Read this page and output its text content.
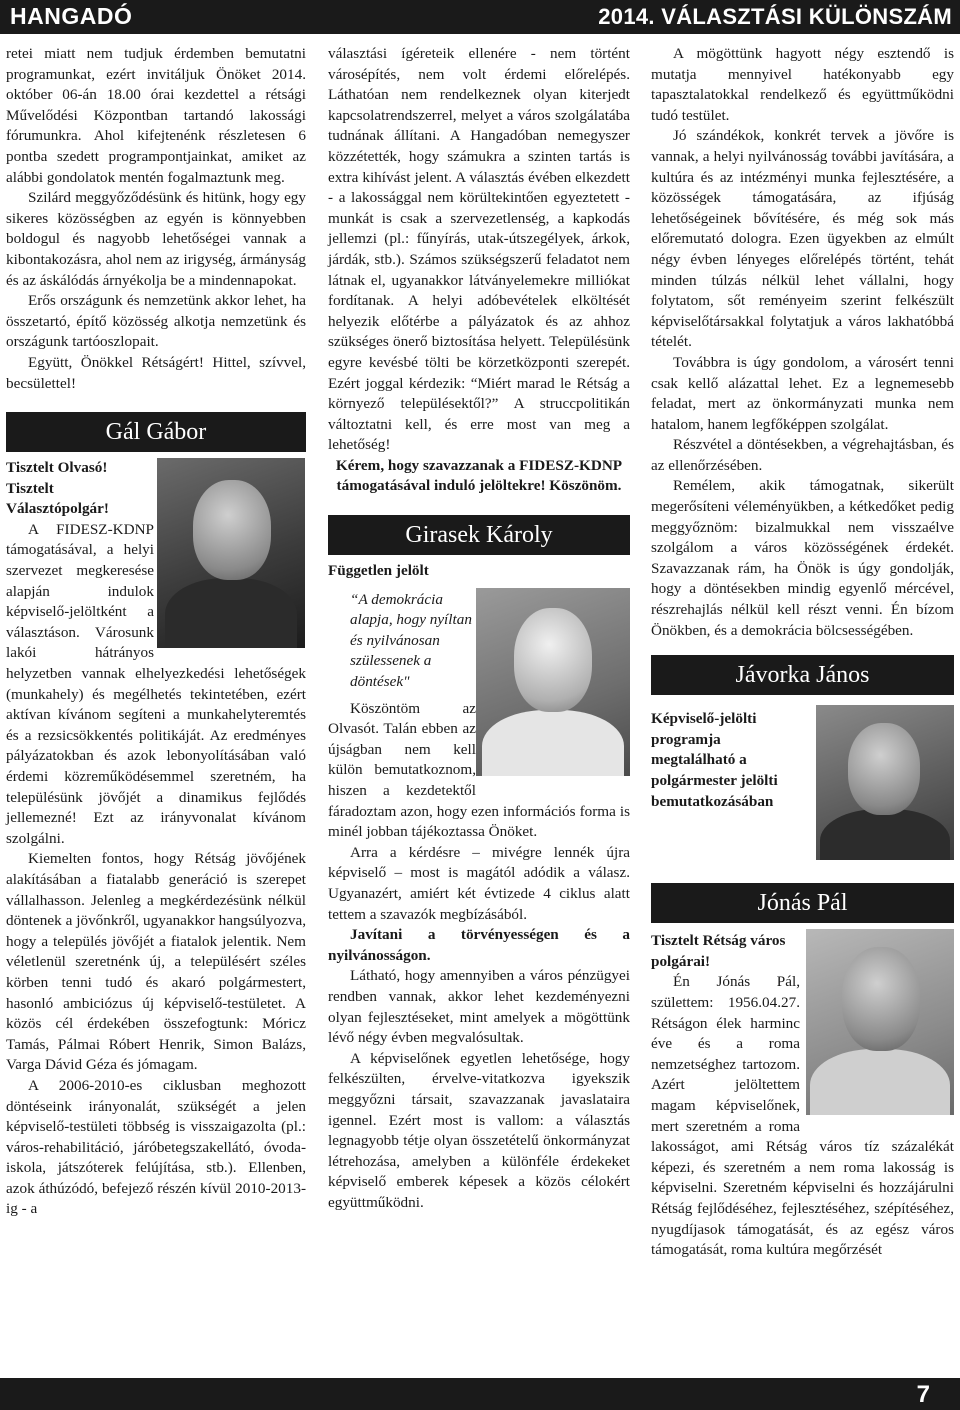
HANGADÓ	2014. VÁLASZTÁSI KÜLÖNSZÁM

retei miatt nem tudjuk érdemben bemutatni programunkat, ezért invitáljuk Önöket 2014. október 06-án 18.00 órai kezdettel a rétsági Művelődési Központban tartandó lakossági fórumunkra. Ahol kifejtenénk részletesen 6 pontba szedett programpontjainkat, amiket az alábbi gondolatok mentén fogalmaztunk meg.

Szilárd meggyőződésünk és hitünk, hogy egy sikeres közösségben az egyén is könnyebben boldogul és nagyobb lehetőségei vannak a kibontakozásra, ahol nem az irigység, ármányság és az áskálódás árnyékolja be a mindennapokat.

Erős országunk és nemzetünk akkor lehet, ha összetartó, építő közösség alkotja nemzetünk és országunk tartóoszlopait.

Együtt, Önökkel Rétságért! Hittel, szívvel, becsülettel!

Gál Gábor

Tisztelt Olvasó!

Tisztelt Választópolgár!

A FIDESZ-KDNP támogatásával, a helyi szervezet megkeresése alapján indulok képviselő-jelöltként a választáson. Városunk lakói hátrányos helyzetben vannak elhelyezkedési lehetőségek (munkahely) és megélhetés tekintetében, ezért aktívan kívánom segíteni a munkahelyteremtés és a rezsicsökkentés politikáját. Az eredményes pályázatokban és azok lebonyolításában való érdemi közreműködésemmel szeretném, ha településünk jövőjét a dinamikus fejlődés jellemezné! Ezt az irányvonalat kívánom szolgálni.

Kiemelten fontos, hogy Rétság jövőjének alakításában a fiatalabb generáció is szerepet vállalhasson. Jelenleg a megkérdezésünk nélkül döntenek a jövőnkről, ugyanakkor hangsúlyozva, hogy a település jövőjét a fiatalok jelentik. Nem véletlenül szeretnénk új, a településért széles körben tenni tudó és akaró polgármestert, hasonló ambiciózus új képviselő-testületet. A közös cél érdekében összefogtunk: Móricz Tamás, Pálmai Róbert Henrik, Simon Balázs, Varga Dávid Géza és jómagam.

A 2006-2010-es ciklusban meghozott döntéseink irányonalát, szükségét a jelen képviselő-testületi többség is visszaigazolta (pl.: város-rehabilitáció, járóbetegszakellátó, óvoda-iskola, játszóterek felújítása, stb.). Ellenben, azok áthúzódó, befejező részén kívül 2010-2013-ig - a

választási ígéreteik ellenére - nem történt városépítés, nem volt érdemi előrelépés. Láthatóan nem rendelkeznek olyan kiterjedt kapcsolatrendszerrel, melyet a város szolgálatába tudnának állítani. A Hangadóban nemegyszer közzétették, hogy számukra a szinten tartás is extra kihívást jelent. A választás évében elkezdett - a lakossággal nem körültekintően egyeztetett - munkát is csak a szervezetlenség, a kapkodás jellemzi (pl.: fűnyírás, utak-útszegélyek, árkok, járdák, stb.). Számos szükségszerű feladatot nem látnak el, ugyanakkor látványelemekre milliókat fordítanak. A helyi adóbevételek elköltését helyezik előtérbe a pályázatok és az ahhoz szükséges önerő biztosítása helyett. Településünk egyre kevésbé tölti be körzetközponti szerepét. Ezért joggal kérdezik: “Miért marad le Rétság a környező településektől?” A struccpolitikán változtatni kell, és erre most van meg a lehetőség!

Kérem, hogy szavazzanak a FIDESZ-KDNP támogatásával induló jelöltekre! Köszönöm.

Girasek Károly

Független jelölt

“A demokrácia alapja, hogy nyíltan és nyilvánosan szülessenek a döntések"

Köszöntöm az Olvasót. Talán ebben az újságban nem kell külön bemutatkoznom, hiszen a kezdetektől fáradoztam azon, hogy ezen információs forma is minél jobban tájékoztassa Önöket.

Arra a kérdésre – mivégre lennék újra képviselő – most is magától adódik a válasz. Ugyanazért, amiért két évtizede 4 ciklus alatt tettem a szavazók megbízásából.

Javítani a törvényességen és a nyilvánosságon.

Látható, hogy amennyiben a város pénzügyei rendben vannak, akkor lehet kezdeményezni olyan fejlesztéseket, mint amelyek a mögöttünk lévő négy évben megvalósultak.

A képviselőnek egyetlen lehetősége, hogy felkészülten, érvelve-vitatkozva igyekszik meggyőzni társait, szavazzanak javaslataira igennel. Ezért most is vallom: a választás legnagyobb tétje olyan összetételű önkormányzat létrehozása, amelyben a különféle érdekeket képviselő emberek képesek a közös célokért együttműködni.

A mögöttünk hagyott négy esztendő is mutatja mennyivel hatékonyabb egy tapasztalatokkal rendelkező és együttműködni tudó testület.

Jó szándékok, konkrét tervek a jövőre is vannak, a helyi nyilvánosság további javítására, a kultúra és az intézményi munka fejlesztésére, a közösségek támogatására, az ifjúság lehetőségeinek bővítésére, és még sok más előremutató dologra. Ezen ügyekben az elmúlt négy évben lényeges előrelépés történt, tehát minden túlzás nélkül lehet vállalni, hogy folytatom, sőt reményeim szerint felkészült képviselőtársakkal folytatjuk a város lakhatóbbá tételét.

Továbbra is úgy gondolom, a városért tenni csak kellő alázattal lehet. Ez a legnemesebb feladat, mert az önkormányzati munka nem hatalom, hanem legfőképpen szolgálat.

Részvétel a döntésekben, a végrehajtásban, és az ellenőrzésében.

Remélem, akik támogatnak, sikerült megerősíteni véleményükben, a kétkedőket pedig meggyőznöm: bizalmukkal nem visszaélve szolgálom a város közösségének érdekét. Szavazzanak rám, ha Önök is úgy gondolják, hogy a döntésekben mindig egyenlő mércével, részrehajlás nélkül kell részt venni. Én bízom Önökben, és a demokrácia bölcsességében.

Jávorka János

Képviselő-jelölti programja megtalálható a polgármester jelölti bemutatkozásában

Jónás Pál

Tisztelt Rétság város polgárai!

Én Jónás Pál, születtem: 1956.04.27. Rétságon élek harminc éve és a roma nemzetséghez tartozom. Azért jelöltettem magam képviselőnek, mert szeretném a roma lakosságot, ami Rétság város tíz százalékát képezi, és szeretném a nem roma lakosság is képviselni. Szeretném képviselni és hozzájárulni Rétság fejlődéséhez, fejlesztéséhez, szépítéséhez, nyugdíjasok támogatását, és az egész város támogatását, roma kultúra megőrzését

7
